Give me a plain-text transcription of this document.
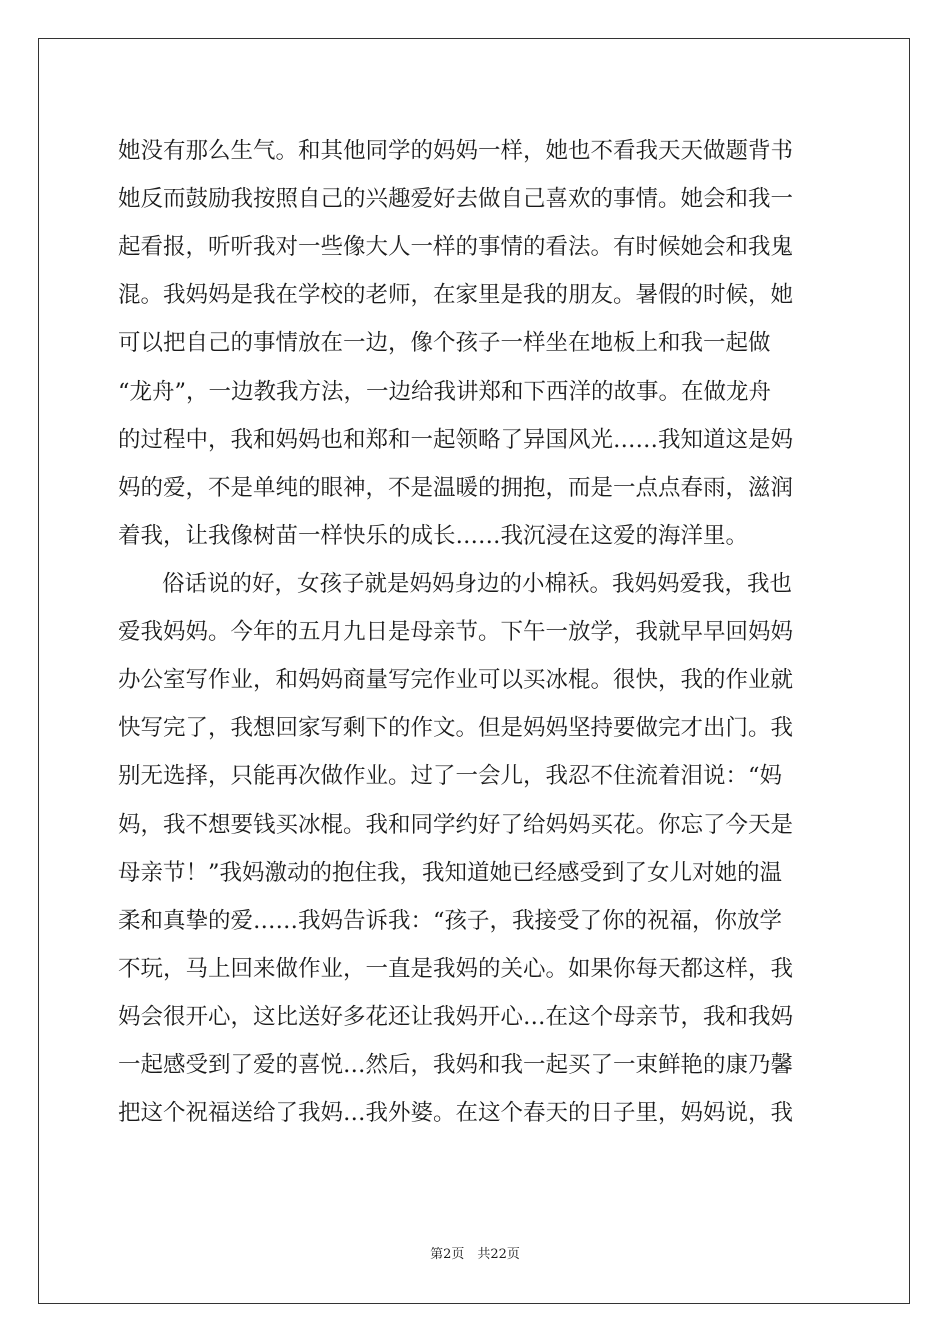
她没有那么生气。和其他同学的妈妈一样，她也不看我天天做题背书
她反而鼓励我按照自己的兴趣爱好去做自己喜欢的事情。她会和我一
起看报，听听我对一些像大人一样的事情的看法。有时候她会和我鬼
混。我妈妈是我在学校的老师，在家里是我的朋友。暑假的时候，她
可以把自己的事情放在一边，像个孩子一样坐在地板上和我一起做
“龙舟”，一边教我方法，一边给我讲郑和下西洋的故事。在做龙舟
的过程中，我和妈妈也和郑和一起领略了异国风光……我知道这是妈
妈的爱，不是单纯的眼神，不是温暖的拥抱，而是一点点春雨，滋润
着我，让我像树苗一样快乐的成长……我沉浸在这爱的海洋里。
俗话说的好，女孩子就是妈妈身边的小棉袄。我妈妈爱我，我也
爱我妈妈。今年的五月九日是母亲节。下午一放学，我就早早回妈妈
办公室写作业，和妈妈商量写完作业可以买冰棍。很快，我的作业就
快写完了，我想回家写剩下的作文。但是妈妈坚持要做完才出门。我
别无选择，只能再次做作业。过了一会儿，我忍不住流着泪说：“妈
妈，我不想要钱买冰棍。我和同学约好了给妈妈买花。你忘了今天是
母亲节！”我妈激动的抱住我，我知道她已经感受到了女儿对她的温
柔和真挚的爱……我妈告诉我：“孩子，我接受了你的祝福，你放学
不玩，马上回来做作业，一直是我妈的关心。如果你每天都这样，我
妈会很开心，这比送好多花还让我妈开心…在这个母亲节，我和我妈
一起感受到了爱的喜悦…然后，我妈和我一起买了一束鲜艳的康乃馨
把这个祝福送给了我妈…我外婆。在这个春天的日子里，妈妈说，我
第2页　共22页
